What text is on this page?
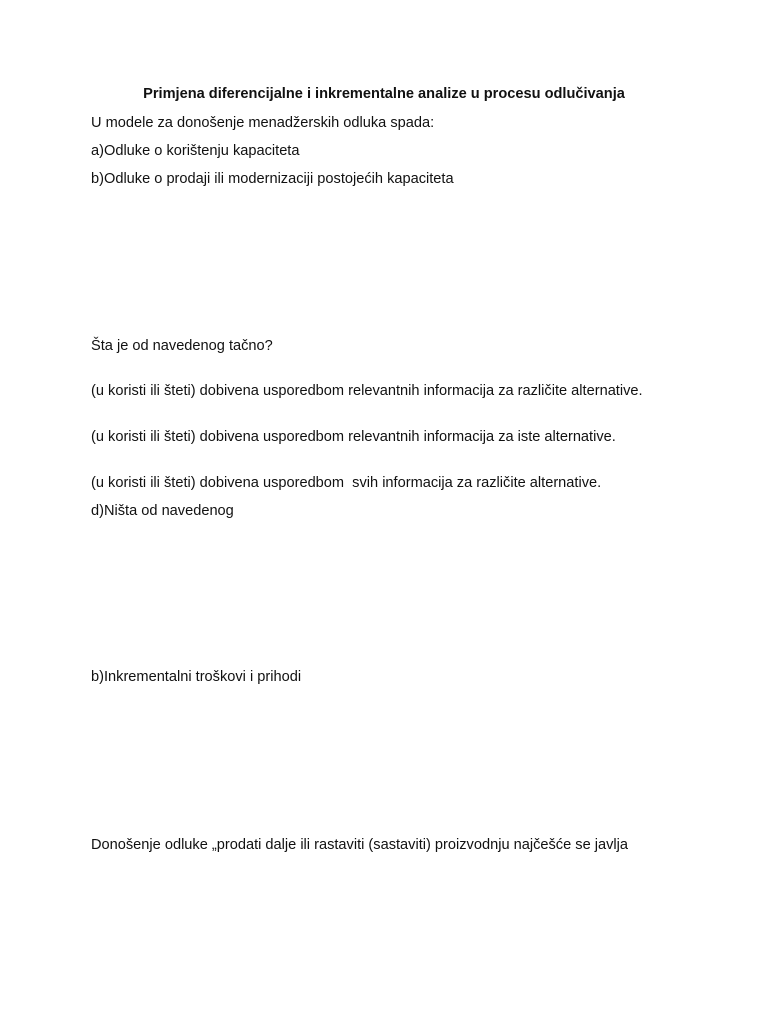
Primjena diferencijalne i inkrementalne analize u procesu odlučivanja

U modele za donošenje menadžerskih odluka spada:

a)Odluke o korištenju kapaciteta

b)Odluke o prodaji ili modernizaciji postojećih kapaciteta

Šta je od navedenog tačno?

(u koristi ili šteti) dobivena usporedbom relevantnih informacija za različite alternative.

(u koristi ili šteti) dobivena usporedbom relevantnih informacija za iste alternative.

(u koristi ili šteti) dobivena usporedbom  svih informacija za različite alternative.

d)Ništa od navedenog

b)Inkrementalni troškovi i prihodi

Donošenje odluke „prodati dalje ili rastaviti (sastaviti) proizvodnju najčešće se javlja
